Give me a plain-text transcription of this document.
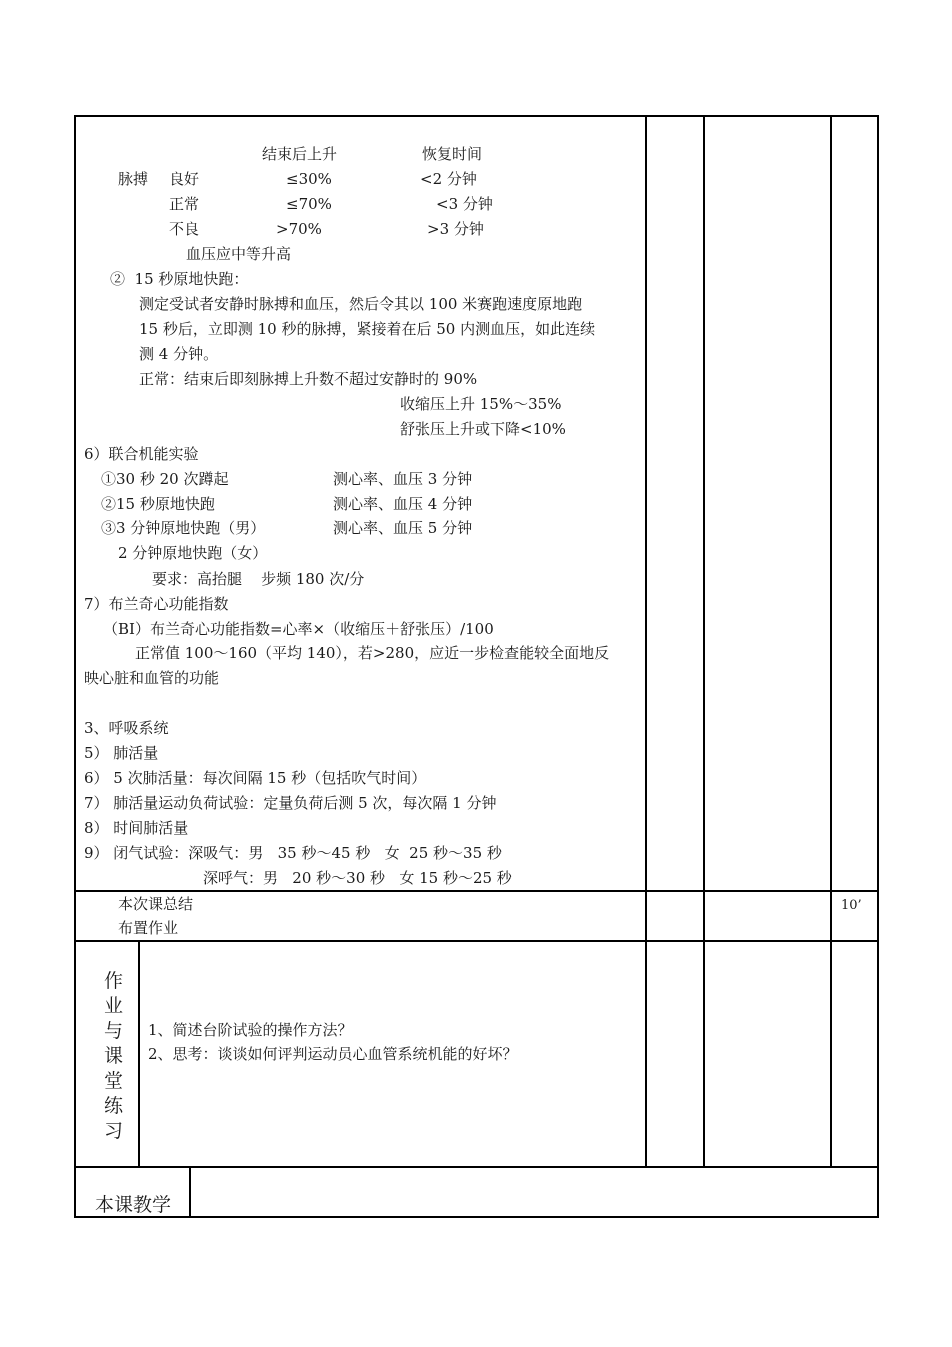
结束后上升	恢复时间
脉搏 良好	≤30%	<2 分钟
正常	≤70%	<3 分钟
不良	>70%	>3 分钟
血压应中等升高
②  15 秒原地快跑：
测定受试者安静时脉搏和血压，然后令其以 100 米赛跑速度原地跑
15 秒后，立即测 10 秒的脉搏，紧接着在后 50 内测血压，如此连续
测 4 分钟。
正常：结束后即刻脉搏上升数不超过安静时的 90%
收缩压上升 15%～35%
舒张压上升或下降<10%
6）联合机能实验
①30 秒 20 次蹲起	测心率、血压 3 分钟
②15 秒原地快跑	测心率、血压 4 分钟
③3 分钟原地快跑（男）	测心率、血压 5 分钟
2 分钟原地快跑（女）
要求：高抬腿    步频 180 次/分
7）布兰奇心功能指数
（BI）布兰奇心功能指数=心率×（收缩压＋舒张压）/100
正常值 100～160（平均 140），若>280，应近一步检查能较全面地反
映心脏和血管的功能
3、呼吸系统
5） 肺活量
6） 5 次肺活量：每次间隔 15 秒（包括吹气时间）
7） 肺活量运动负荷试验：定量负荷后测 5 次，每次隔 1 分钟
8） 时间肺活量
9） 闭气试验：深吸气：男   35 秒～45 秒   女  25 秒～35 秒
深呼气：男   20 秒～30 秒   女 15 秒～25 秒
本次课总结
布置作业
10’
作
业
与
课
堂
练
习
1、简述台阶试验的操作方法？
2、思考：谈谈如何评判运动员心血管系统机能的好坏？
本课教学
